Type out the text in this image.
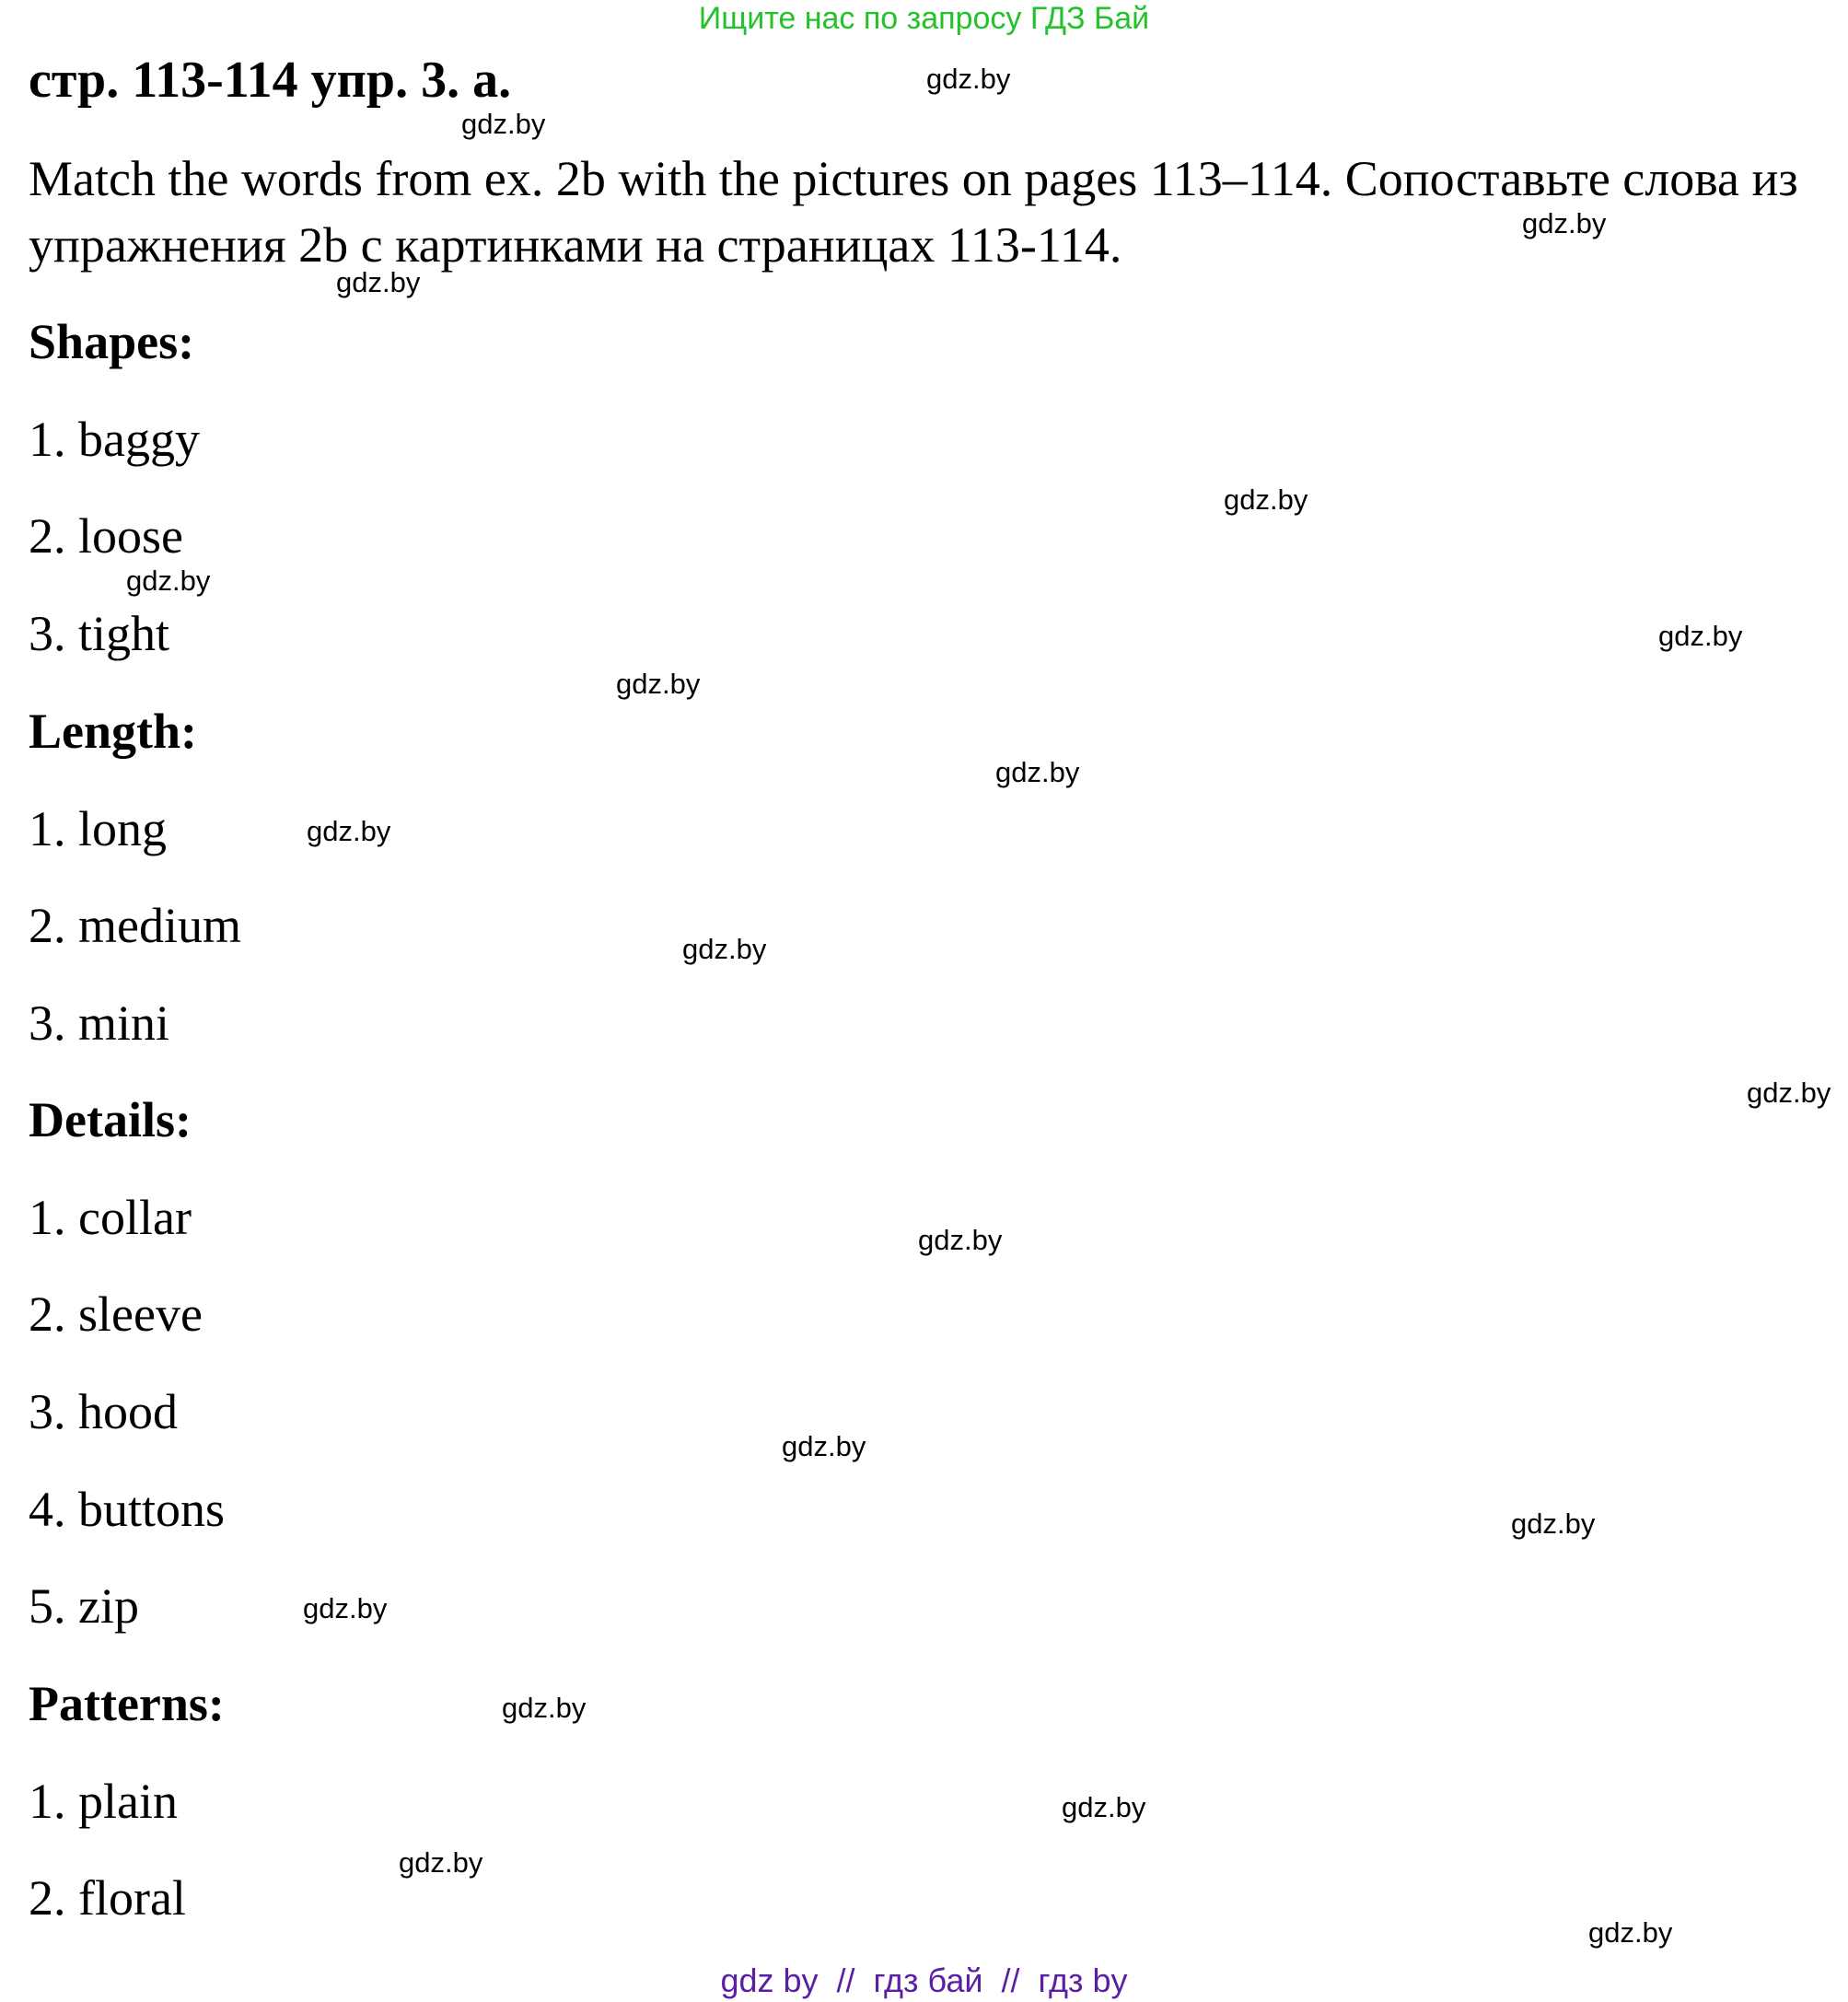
Ищите нас по запросу ГДЗ Бай
стр. 113-114 упр. 3. а.

Match the words from ex. 2b with the pictures on pages 113–114. Сопоставьте слова из упражнения 2b с картинками на страницах 113-114.

Shapes:

1. baggy

2. loose

3. tight

Length:

1. long

2. medium

3. mini

Details:

1. collar

2. sleeve

3. hood

4. buttons

5. zip

Patterns:

1. plain

2. floral

gdz.by
gdz.by
gdz.by
gdz.by
gdz.by
gdz.by
gdz.by
gdz.by
gdz.by
gdz.by
gdz.by
gdz.by
gdz.by
gdz.by
gdz.by
gdz.by
gdz.by
gdz.by
gdz.by
gdz.by
gdz by  //  гдз бай  //  гдз by
